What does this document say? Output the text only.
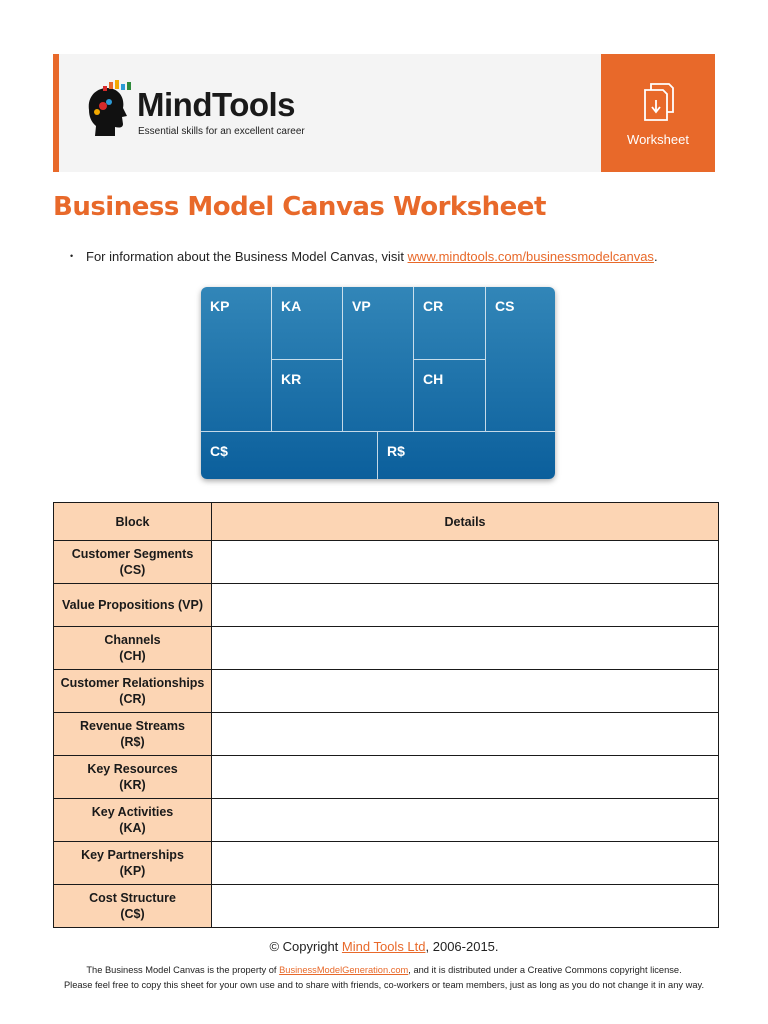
MindTools
Essential skills for an excellent career
Worksheet
Business Model Canvas Worksheet
• For information about the Business Model Canvas, visit www.mindtools.com/businessmodelcanvas.
KP	KA
KR
VP	CR
CH
CS
C$	R$
Block	Details
Customer Segments
(CS)	
Value Propositions (VP)	
Channels
(CH)	
Customer Relationships
(CR)	
Revenue Streams
(R$)	
Key Resources
(KR)	
Key Activities
(KA)	
Key Partnerships
(KP)	
Cost Structure
(C$)	
© Copyright Mind Tools Ltd, 2006-2015.
The Business Model Canvas is the property of BusinessModelGeneration.com, and it is distributed under a Creative Commons copyright license.
Please feel free to copy this sheet for your own use and to share with friends, co-workers or team members, just as long as you do not change it in any way.
